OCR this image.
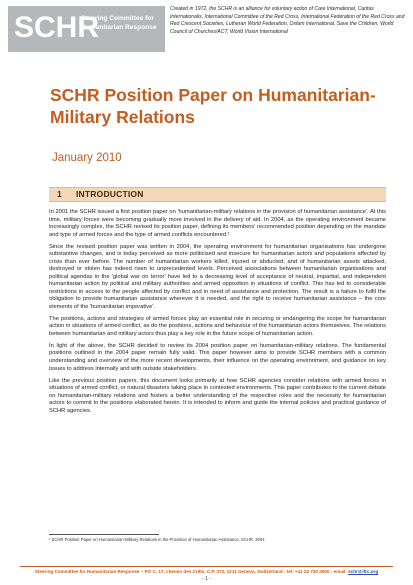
SCHR
Steering Committee for Humanitarian Response
Created in 1972, the SCHR is an alliance for voluntary action of Care International, Caritas Internationalis, International Committee of the Red Cross, International Federation of the Red Cross and Red Crescent Societies, Lutheran World Federation, Oxfam International, Save the Children, World Council of Churches/ACT, World Vision International
SCHR Position Paper on Humanitarian-Military Relations
January 2010
1 INTRODUCTION

In 2001 the SCHR issued a first position paper on 'humanitarian-military relations in the provision of humanitarian assistance'. At this time, military forces were becoming gradually more involved in the delivery of aid. In 2004, as the operating environment became increasingly complex, the SCHR revised its position paper, defining its members' recommended position depending on the mandate and type of armed forces and the type of armed conflicts encountered.¹

Since the revised position paper was written in 2004, the operating environment for humanitarian organisations has undergone substantive changes, and is today perceived as more politicised and insecure for humanitarian actors and populations affected by crisis than ever before. The number of humanitarian workers killed, injured or abducted, and of humanitarian assets attacked, destroyed or stolen has indeed risen to unprecedented levels. Perceived associations between humanitarian organisations and political agendas in the 'global war on terror' have led to a decreasing level of acceptance of neutral, impartial, and independent humanitarian action by political and military authorities and armed opposition in situations of conflict. This has led to considerable restrictions in access to the people affected by conflict and in need of assistance and protection. The result is a failure to fulfil the obligation to provide humanitarian assistance wherever it is needed, and the right to receive humanitarian assistance – the core elements of the 'humanitarian imperative'.

The positions, actions and strategies of armed forces play an essential role in securing or endangering the scope for humanitarian action in situations of armed conflict, as do the positions, actions and behaviour of the humanitarian actors themselves. The relations between humanitarian and military actors thus play a key role in the future scope of humanitarian action.

In light of the above, the SCHR decided to review its 2004 position paper on humanitarian-military relations. The fundamental positions outlined in the 2004 paper remain fully valid. This paper however aims to provide SCHR members with a common understanding and overview of the more recent developments, their influence on the operating environment, and guidance on key issues to address internally and with outside stakeholders.

Like the previous position papers, this document looks primarily at how SCHR agencies consider relations with armed forces in situations of armed conflict, or natural disasters taking place in contested environments. This paper contributes to the current debate on humanitarian-military relations and fosters a better understanding of the respective roles and the necessity for humanitarian actors to commit to the positions elaborated herein. It is intended to inform and guide the internal policies and practical guidance of SCHR agencies.

¹ SCHR Position Paper on Humanitarian-Military Relations in the Provision of Humanitarian Assistance, SCHR, 2004
Steering Committee for Humanitarian Response – PO C. 17, chemin des Crêts, C.P. 372, 1211 Geneva, Switzerland - tel: +41 22 730 4500 - email: schr@ifrc.org
- 1 -
